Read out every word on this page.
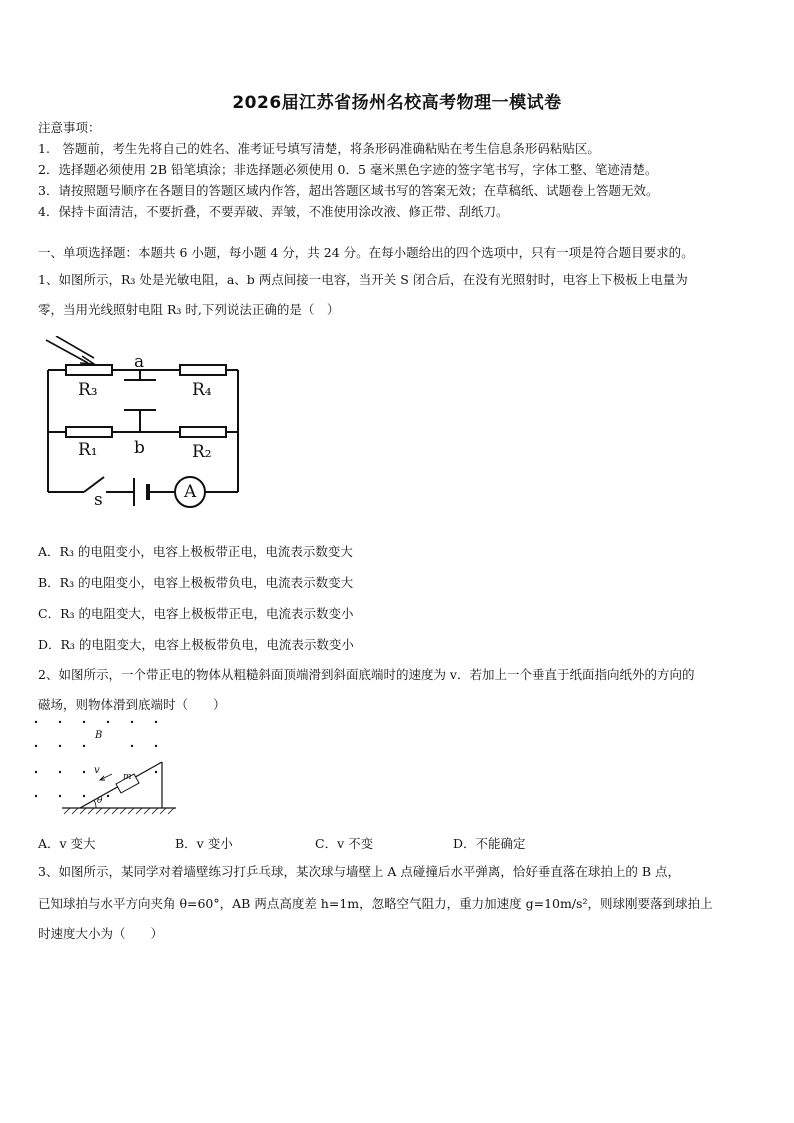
2026届江苏省扬州名校高考物理一模试卷
注意事项：
1.　答题前，考生先将自己的姓名、准考证号填写清楚，将条形码准确粘贴在考生信息条形码粘贴区。
2．选择题必须使用 2B 铅笔填涂；非选择题必须使用 0．5 毫米黑色字迹的签字笔书写，字体工整、笔迹清楚。
3．请按照题号顺序在各题目的答题区域内作答，超出答题区域书写的答案无效；在草稿纸、试题卷上答题无效。
4．保持卡面清洁，不要折叠，不要弄破、弄皱，不准使用涂改液、修正带、刮纸刀。
一、单项选择题：本题共 6 小题，每小题 4 分，共 24 分。在每小题给出的四个选项中，只有一项是符合题目要求的。
1、如图所示，R₃ 处是光敏电阻，a、b 两点间接一电容，当开关 S 闭合后，在没有光照射时，电容上下极板上电量为
零，当用光线照射电阻 R₃ 时,下列说法正确的是（　）
R₃	R₄
R₁	R₂
a
b
s	A
A．R₃ 的电阻变小，电容上极板带正电，电流表示数变大
B．R₃ 的电阻变小，电容上极板带负电，电流表示数变大
C．R₃ 的电阻变大，电容上极板带正电，电流表示数变小
D．R₃ 的电阻变大，电容上极板带负电，电流表示数变小
2、如图所示，一个带正电的物体从粗糙斜面顶端滑到斜面底端时的速度为 v．若加上一个垂直于纸面指向纸外的方向的
磁场，则物体滑到底端时（　　）
B
v
m
θ
A．v 变大	B．v 变小	C．v 不变	D．不能确定
3、如图所示，某同学对着墙壁练习打乒乓球，某次球与墙壁上 A 点碰撞后水平弹离，恰好垂直落在球拍上的 B 点，
已知球拍与水平方向夹角 θ=60°，AB 两点高度差 h=1m，忽略空气阻力，重力加速度 g=10m/s²，则球刚要落到球拍上
时速度大小为（　　）
